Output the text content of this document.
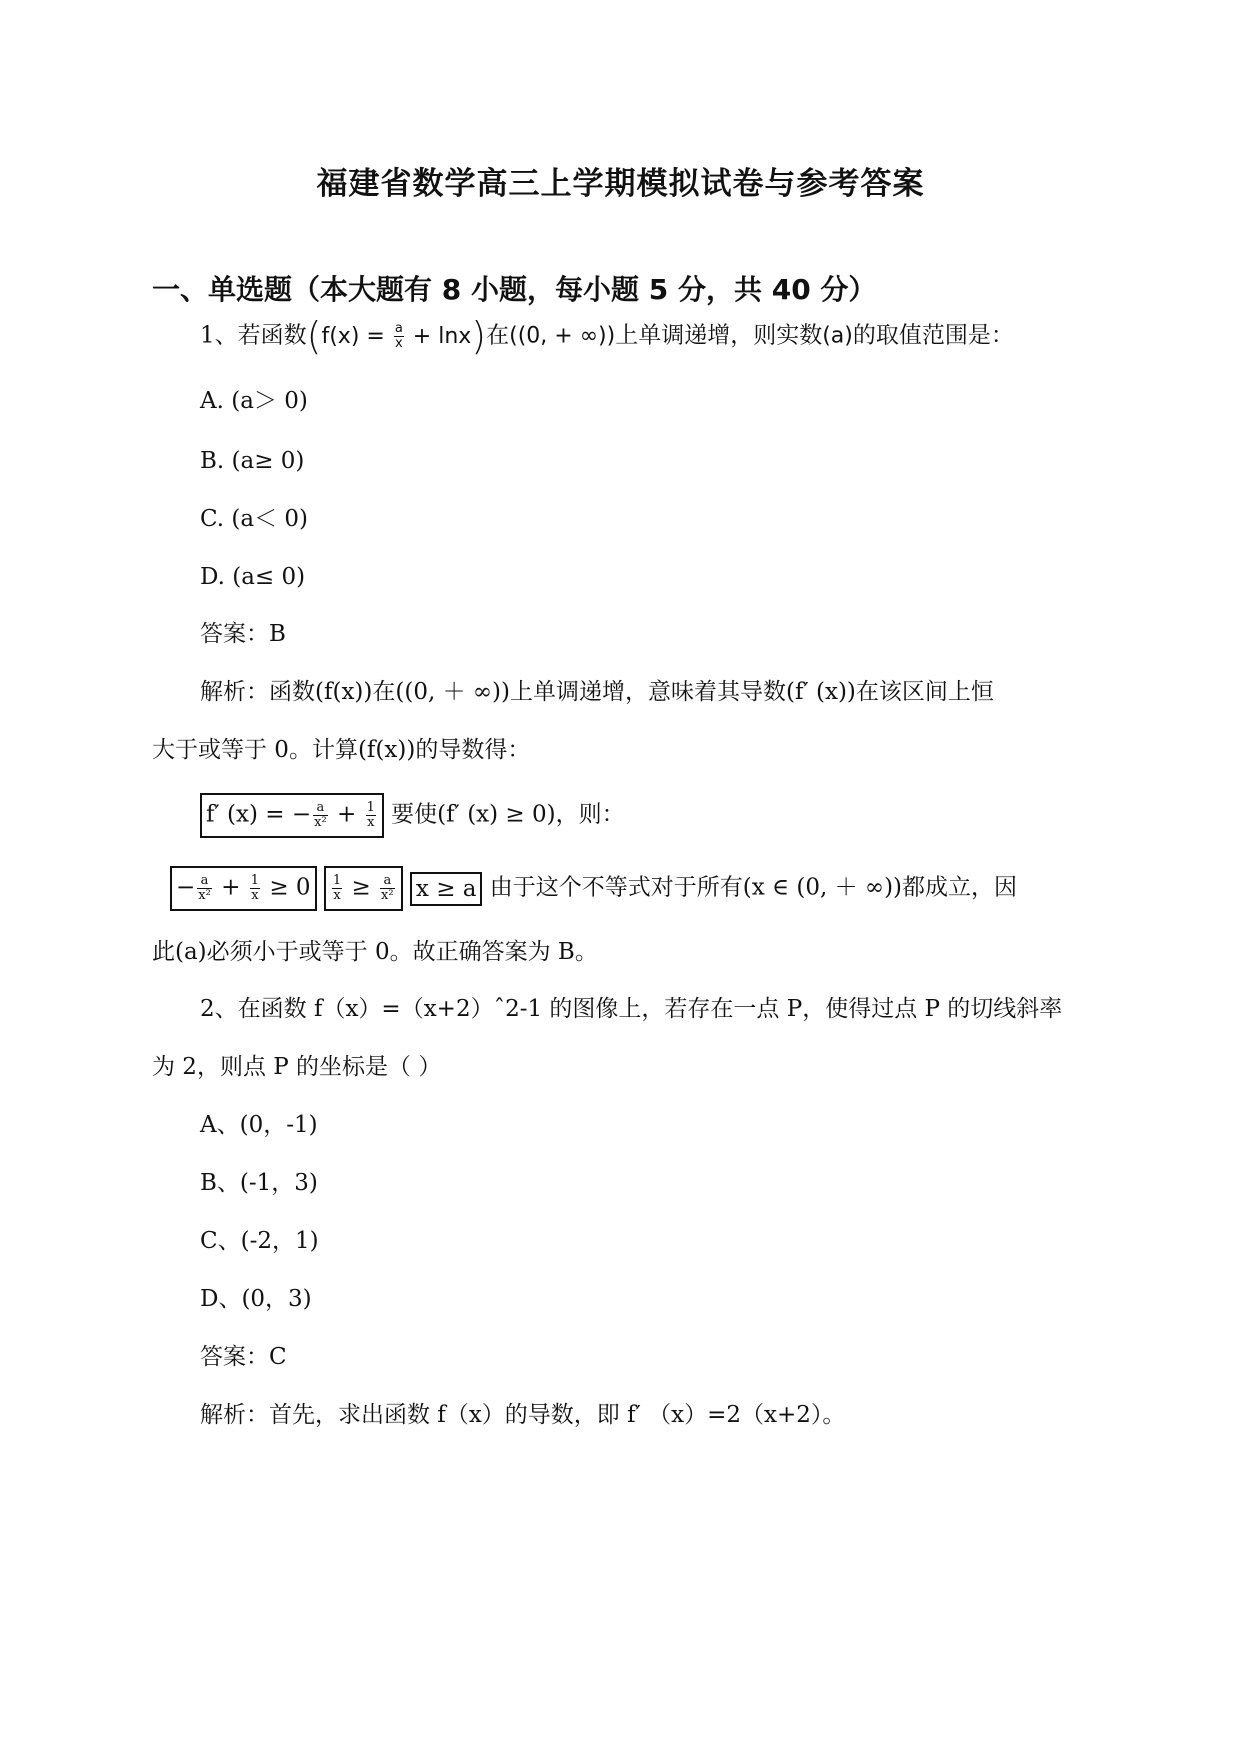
福建省数学高三上学期模拟试卷与参考答案
一、单选题（本大题有 8 小题，每小题 5 分，共 40 分）
1、若函数$(f(x) = \frac{a}{x} + \ln x)$在((0, + ∞))上单调递增，则实数(a)的取值范围是：
A. (a＞ 0)
B. (a≥ 0)
C. (a＜ 0)
D. (a≤ 0)
答案：B
解析：函数(f(x))在((0, ＋ ∞))上单调递增，意味着其导数(f′ (x))在该区间上恒
大于或等于 0。计算(f(x))的导数得：
f′ (x) = − $\frac{a}{\text{x²}} + \frac{1}{x}$ 要使(f′ (x) ≥ 0)，则：
− $\frac{a}{\text{x²}} + \frac{1}{x} \ge 0 \frac{1}{x} \ge \frac{a}{\text{x²}}$ x ≥ a 由于这个不等式对于所有(x ∈ (0, ＋ ∞))都成立，因
此(a)必须小于或等于 0。故正确答案为 B。
2、在函数 f（x）=（x+2）ˆ2-1 的图像上，若存在一点 P，使得过点 P 的切线斜率
为 2，则点 P 的坐标是（ ）
A、(0，-1)
B、(-1，3)
C、(-2，1)
D、(0，3)
答案：C
解析：首先，求出函数 f（x）的导数，即 f′ （x）=2（x+2）。
